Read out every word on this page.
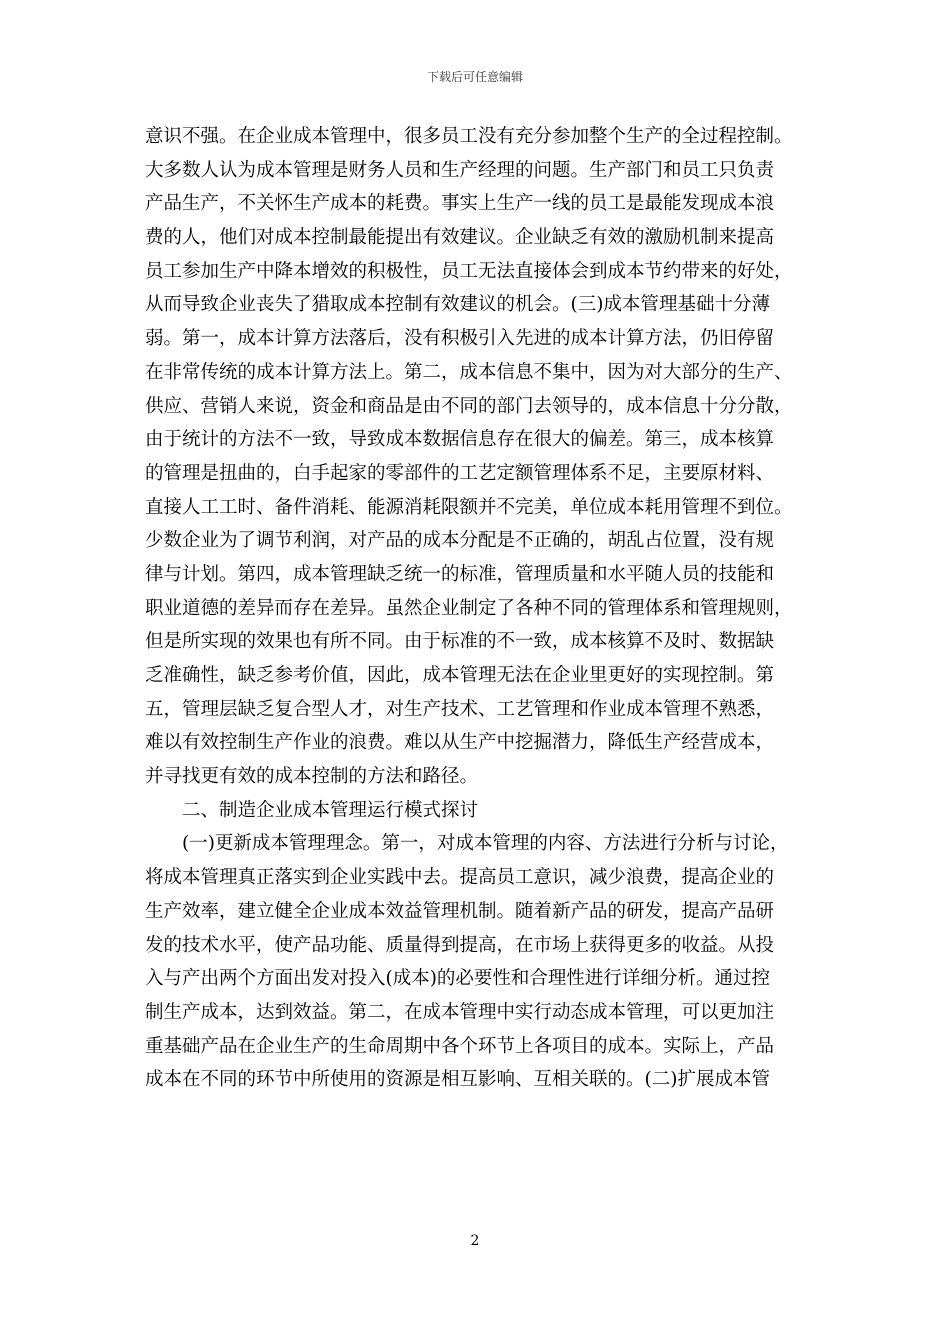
下载后可任意编辑
意识不强。在企业成本管理中，很多员工没有充分参加整个生产的全过程控制。
大多数人认为成本管理是财务人员和生产经理的问题。生产部门和员工只负责
产品生产，不关怀生产成本的耗费。事实上生产一线的员工是最能发现成本浪
费的人，他们对成本控制最能提出有效建议。企业缺乏有效的激励机制来提高
员工参加生产中降本增效的积极性，员工无法直接体会到成本节约带来的好处，
从而导致企业丧失了猎取成本控制有效建议的机会。(三)成本管理基础十分薄
弱。第一，成本计算方法落后，没有积极引入先进的成本计算方法，仍旧停留
在非常传统的成本计算方法上。第二，成本信息不集中，因为对大部分的生产、
供应、营销人来说，资金和商品是由不同的部门去领导的，成本信息十分分散，
由于统计的方法不一致，导致成本数据信息存在很大的偏差。第三，成本核算
的管理是扭曲的，白手起家的零部件的工艺定额管理体系不足，主要原材料、
直接人工工时、备件消耗、能源消耗限额并不完美，单位成本耗用管理不到位。
少数企业为了调节利润，对产品的成本分配是不正确的，胡乱占位置，没有规
律与计划。第四，成本管理缺乏统一的标准，管理质量和水平随人员的技能和
职业道德的差异而存在差异。虽然企业制定了各种不同的管理体系和管理规则，
但是所实现的效果也有所不同。由于标准的不一致，成本核算不及时、数据缺
乏准确性，缺乏参考价值，因此，成本管理无法在企业里更好的实现控制。第
五，管理层缺乏复合型人才，对生产技术、工艺管理和作业成本管理不熟悉，
难以有效控制生产作业的浪费。难以从生产中挖掘潜力，降低生产经营成本，
并寻找更有效的成本控制的方法和路径。
二、制造企业成本管理运行模式探讨
(一)更新成本管理理念。第一，对成本管理的内容、方法进行分析与讨论，
将成本管理真正落实到企业实践中去。提高员工意识，减少浪费，提高企业的
生产效率，建立健全企业成本效益管理机制。随着新产品的研发，提高产品研
发的技术水平，使产品功能、质量得到提高，在市场上获得更多的收益。从投
入与产出两个方面出发对投入(成本)的必要性和合理性进行详细分析。通过控
制生产成本，达到效益。第二，在成本管理中实行动态成本管理，可以更加注
重基础产品在企业生产的生命周期中各个环节上各项目的成本。实际上，产品
成本在不同的环节中所使用的资源是相互影响、互相关联的。(二)扩展成本管
2
